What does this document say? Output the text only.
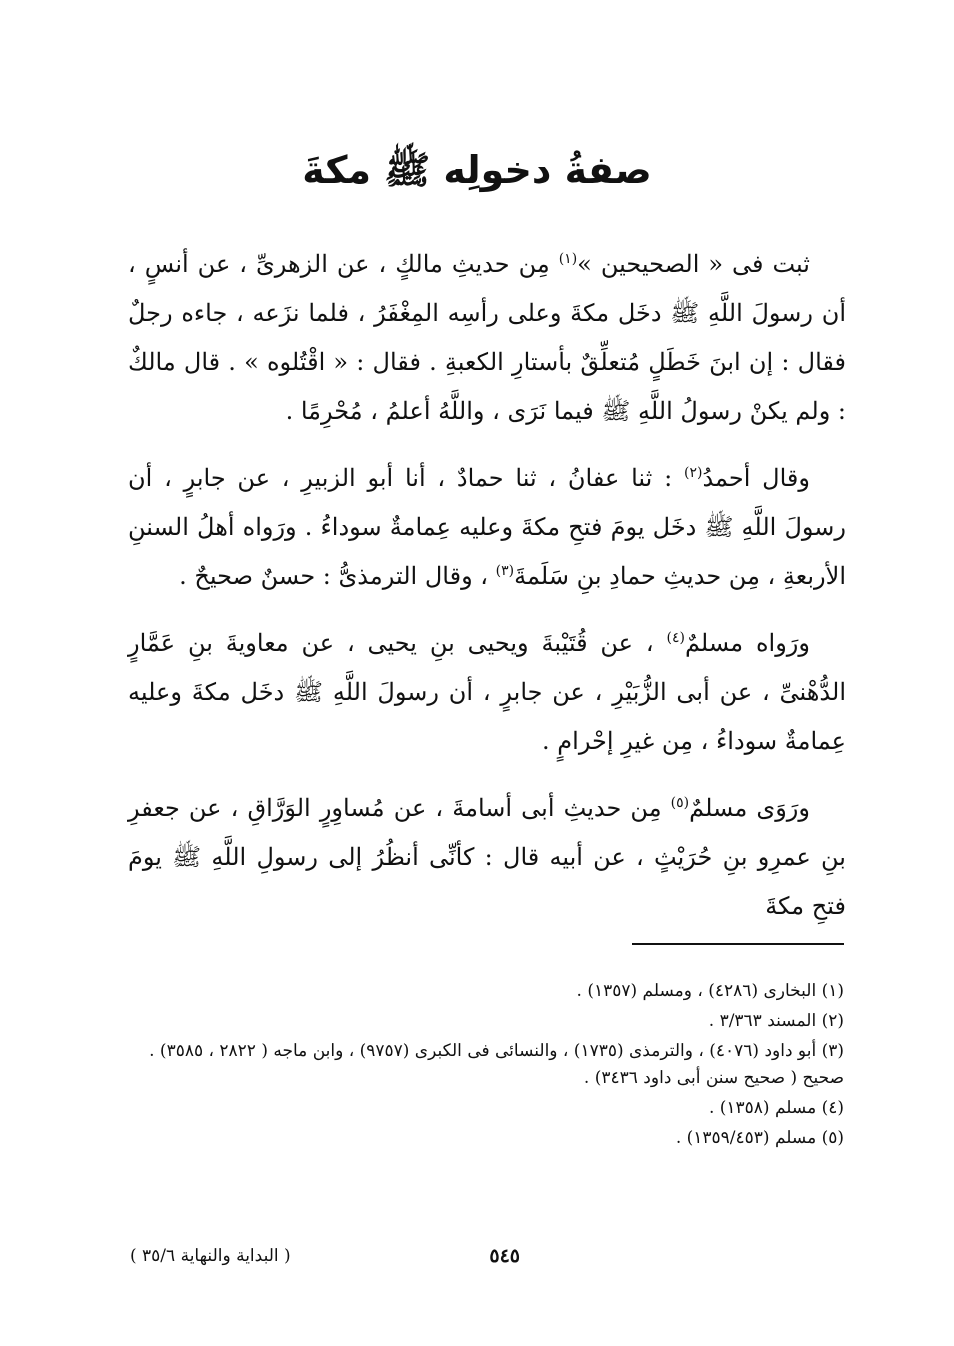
صفةُ دخولِه ﷺ مكةَ

ثبت فى « الصحيحين »$^{(١)}$ مِن حديثِ مالكٍ ، عن الزهرىِّ ، عن أنسٍ ، أن رسولَ اللَّهِ ﷺ دخَل مكةَ وعلى رأسِه المِغْفَرُ ، فلما نزَعه ، جاءه رجلٌ فقال : إن ابنَ خَطَلٍ مُتعلِّقٌ بأستارِ الكعبةِ . فقال : « اقْتُلوه » . قال مالكٌ : ولم يكنْ رسولُ اللَّهِ ﷺ فيما نَرَى ، واللَّهُ أعلمُ ، مُحْرِمًا .

وقال أحمدُ$^{(٢)}$ : ثنا عفانُ ، ثنا حمادٌ ، أنا أبو الزبيرِ ، عن جابرٍ ، أن رسولَ اللَّهِ ﷺ دخَل يومَ فتحِ مكةَ وعليه عِمامةٌ سوداءُ . ورَواه أهلُ السننِ الأربعةِ ، مِن حديثِ حمادِ بنِ سَلَمةَ$^{(٣)}$ ، وقال الترمذىُّ : حسنٌ صحيحٌ .

ورَواه مسلمٌ$^{(٤)}$ ، عن قُتَيْبةَ ويحيى بنِ يحيى ، عن معاويةَ بنِ عَمَّارٍ الدُّهْنىِّ ، عن أبى الزُّبَيْرِ ، عن جابرٍ ، أن رسولَ اللَّهِ ﷺ دخَل مكةَ وعليه عِمامةٌ سوداءُ ، مِن غيرِ إحْرامٍ .

ورَوَى مسلمٌ$^{(٥)}$ مِن حديثِ أبى أسامةَ ، عن مُساوِرٍ الوَرَّاقِ ، عن جعفرِ بنِ عمرِو بنِ حُرَيْثٍ ، عن أبيه قال : كأنِّى أنظُرُ إلى رسولِ اللَّهِ ﷺ يومَ فتحِ مكةَ

(١) البخارى (٤٢٨٦) ، ومسلم (١٣٥٧) .
(٢) المسند ٣/٣٦٣ .
(٣) أبو داود (٤٠٧٦) ، والترمذى (١٧٣٥) ، والنسائى فى الكبرى (٩٧٥٧) ، وابن ماجه ( ٢٨٢٢ ، ٣٥٨٥) . صحيح ( صحيح سنن أبى داود ٣٤٣٦) .
(٤) مسلم (١٣٥٨) .
(٥) مسلم (١٣٥٩/٤٥٣) .
٥٤٥
( البداية والنهاية ٣٥/٦ )
